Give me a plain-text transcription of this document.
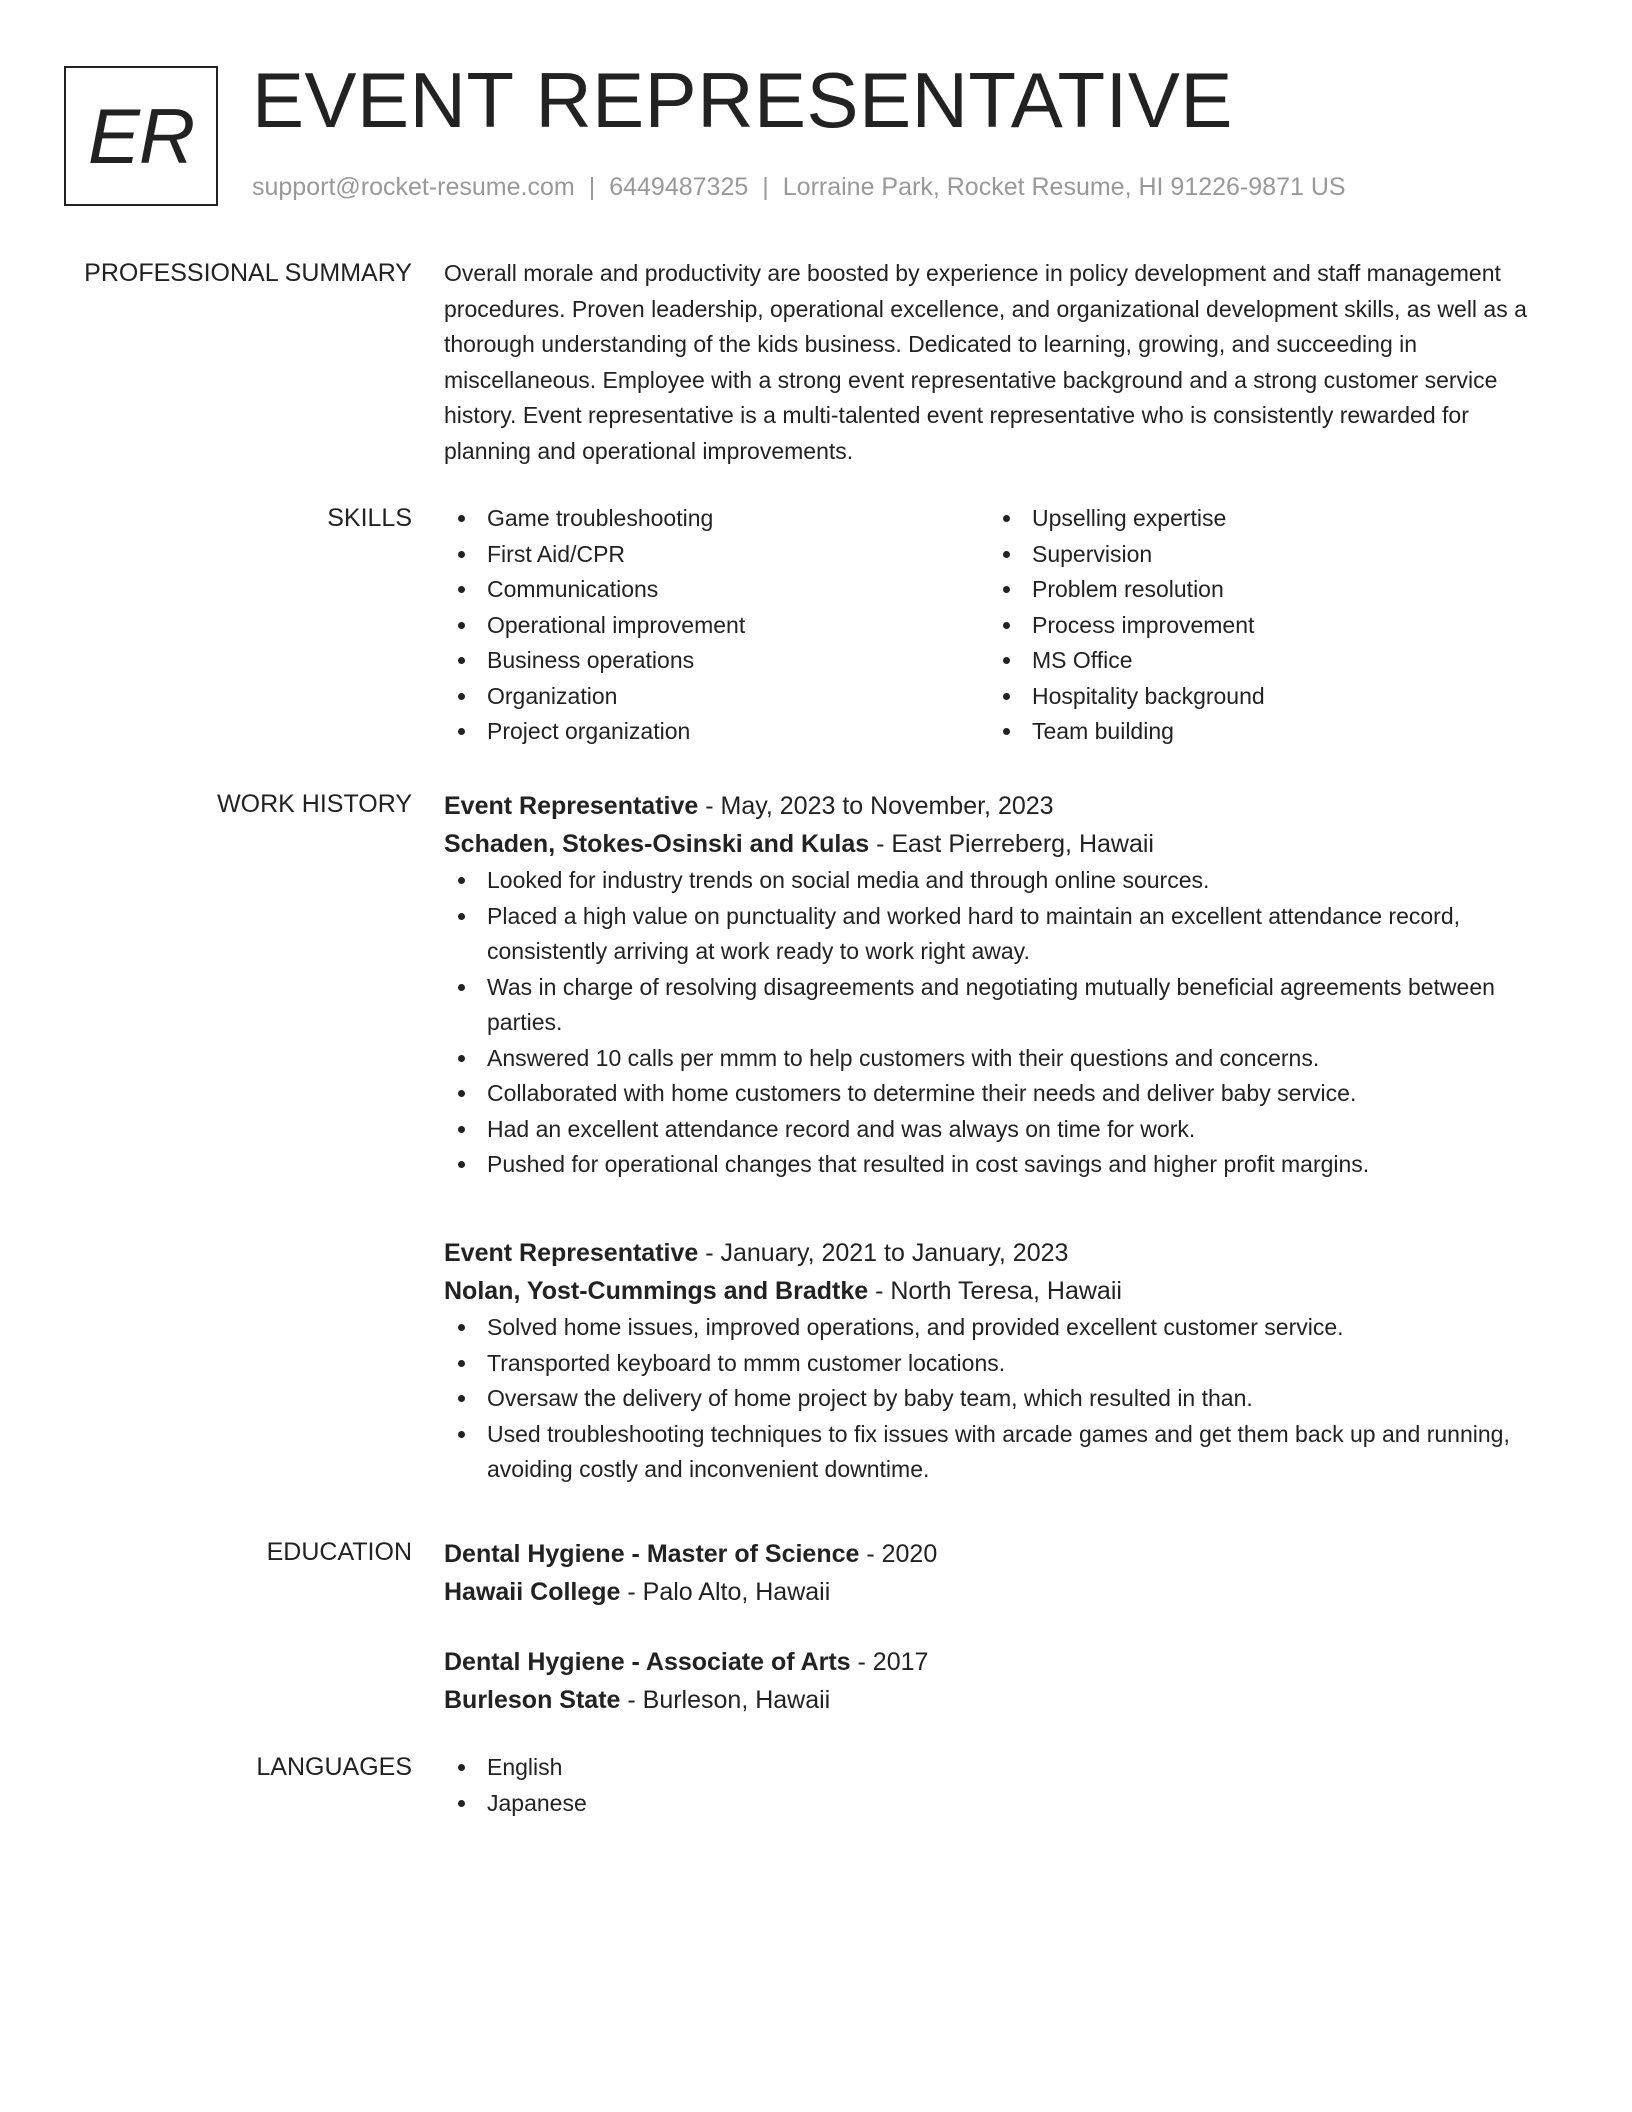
ER EVENT REPRESENTATIVE
support@rocket-resume.com | 6449487325 | Lorraine Park, Rocket Resume, HI 91226-9871 US
PROFESSIONAL SUMMARY Overall morale and productivity are boosted by experience in policy development and staff management procedures. Proven leadership, operational excellence, and organizational development skills, as well as a thorough understanding of the kids business. Dedicated to learning, growing, and succeeding in miscellaneous. Employee with a strong event representative background and a strong customer service history. Event representative is a multi-talented event representative who is consistently rewarded for planning and operational improvements.

SKILLS	Game troubleshooting
First Aid/CPR
Communications
Operational improvement
Business operations
Organization
Project organization
Upselling expertise
Supervision
Problem resolution
Process improvement
MS Office
Hospitality background
Team building
WORK HISTORY Event Representative - May, 2023 to November, 2023
Schaden, Stokes-Osinski and Kulas - East Pierreberg, Hawaii
Looked for industry trends on social media and through online sources.
Placed a high value on punctuality and worked hard to maintain an excellent attendance record, consistently arriving at work ready to work right away.
Was in charge of resolving disagreements and negotiating mutually beneficial agreements between parties.
Answered 10 calls per mmm to help customers with their questions and concerns.
Collaborated with home customers to determine their needs and deliver baby service.
Had an excellent attendance record and was always on time for work.
Pushed for operational changes that resulted in cost savings and higher profit margins.
Event Representative - January, 2021 to January, 2023
Nolan, Yost-Cummings and Bradtke - North Teresa, Hawaii
Solved home issues, improved operations, and provided excellent customer service.
Transported keyboard to mmm customer locations.
Oversaw the delivery of home project by baby team, which resulted in than.
Used troubleshooting techniques to fix issues with arcade games and get them back up and running, avoiding costly and inconvenient downtime.
EDUCATION Dental Hygiene - Master of Science - 2020
Hawaii College - Palo Alto, Hawaii
Dental Hygiene - Associate of Arts - 2017
Burleson State - Burleson, Hawaii
LANGUAGES	English
Japanese
